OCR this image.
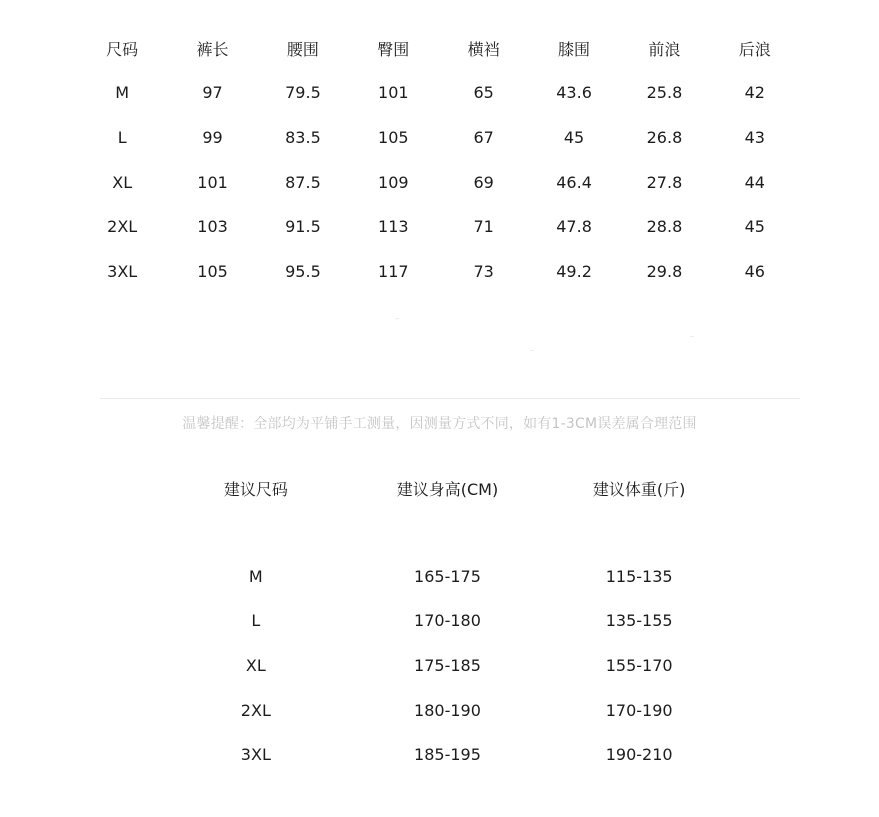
尺码	裤长	腰围	臀围	横裆	膝围	前浪	后浪
M	97	79.5	101	65	43.6	25.8	42
L	99	83.5	105	67	45	26.8	43
XL	101	87.5	109	69	46.4	27.8	44
2XL	103	91.5	113	71	47.8	28.8	45
3XL	105	95.5	117	73	49.2	29.8	46
温馨提醒：全部均为平铺手工测量，因测量方式不同，如有1-3CM误差属合理范围
建议尺码	建议身高(CM)	建议体重(斤)

M	165-175	115-135
L	170-180	135-155
XL	175-185	155-170
2XL	180-190	170-190
3XL	185-195	190-210
